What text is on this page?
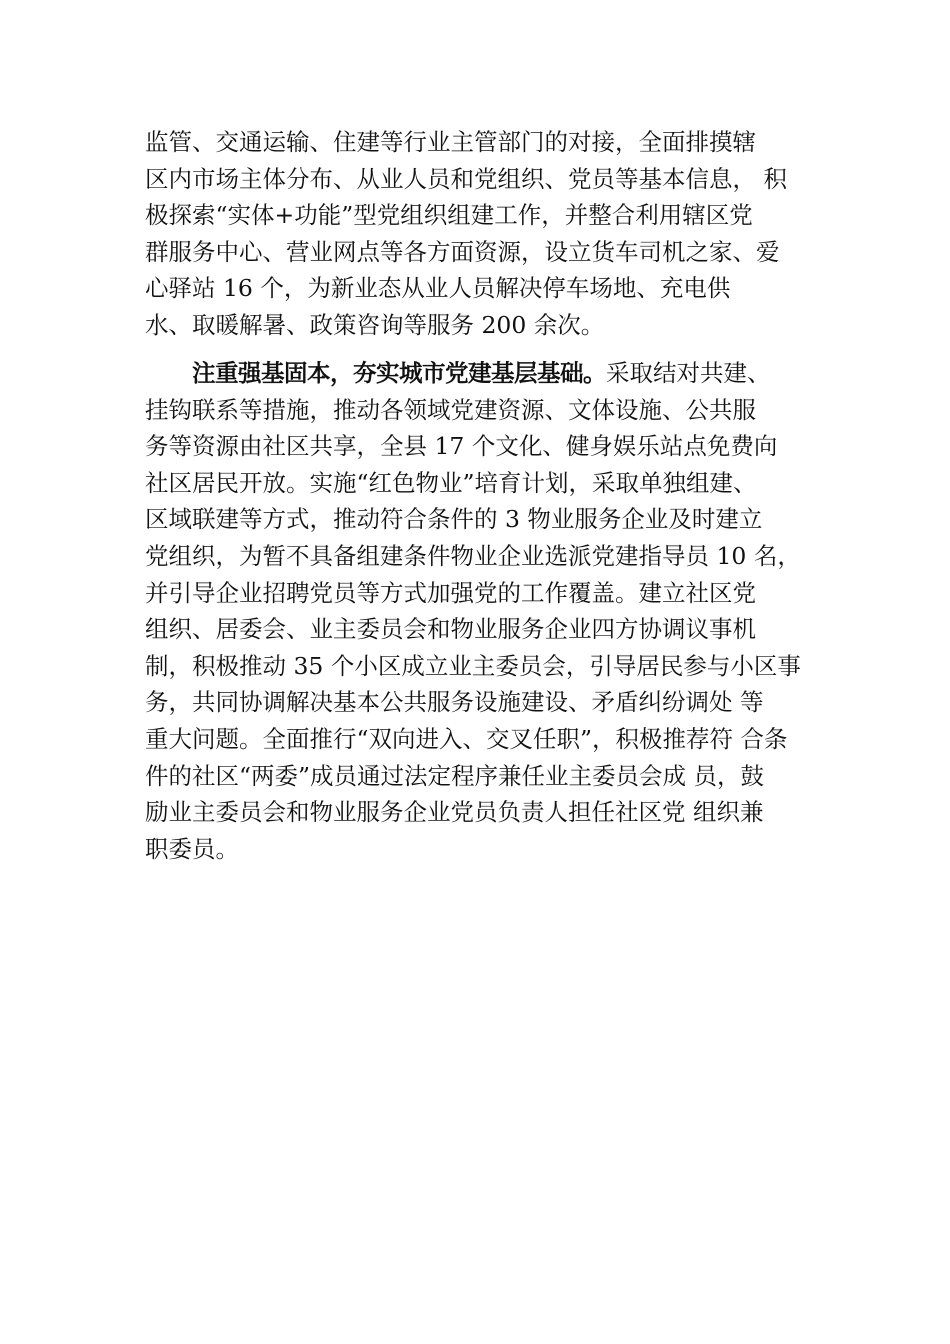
监管、交通运输、住建等行业主管部门的对接，全面排摸辖
区内市场主体分布、从业人员和党组织、党员等基本信息， 积
极探索“实体+功能”型党组织组建工作，并整合利用辖区党
群服务中心、营业网点等各方面资源，设立货车司机之家、爱
心驿站 16 个，为新业态从业人员解决停车场地、充电供
水、取暖解暑、政策咨询等服务 200 余次。
注重强基固本，夯实城市党建基层基础。采取结对共建、
挂钩联系等措施，推动各领域党建资源、文体设施、公共服
务等资源由社区共享，全县 17 个文化、健身娱乐站点免费向
社区居民开放。实施“红色物业”培育计划，采取单独组建、
区域联建等方式，推动符合条件的 3 物业服务企业及时建立
党组织，为暂不具备组建条件物业企业选派党建指导员 10 名，
并引导企业招聘党员等方式加强党的工作覆盖。建立社区党
组织、居委会、业主委员会和物业服务企业四方协调议事机
制，积极推动 35 个小区成立业主委员会，引导居民参与小区事
务，共同协调解决基本公共服务设施建设、矛盾纠纷调处 等
重大问题。全面推行“双向进入、交叉任职”，积极推荐符 合条
件的社区“两委”成员通过法定程序兼任业主委员会成 员，鼓
励业主委员会和物业服务企业党员负责人担任社区党 组织兼
职委员。
